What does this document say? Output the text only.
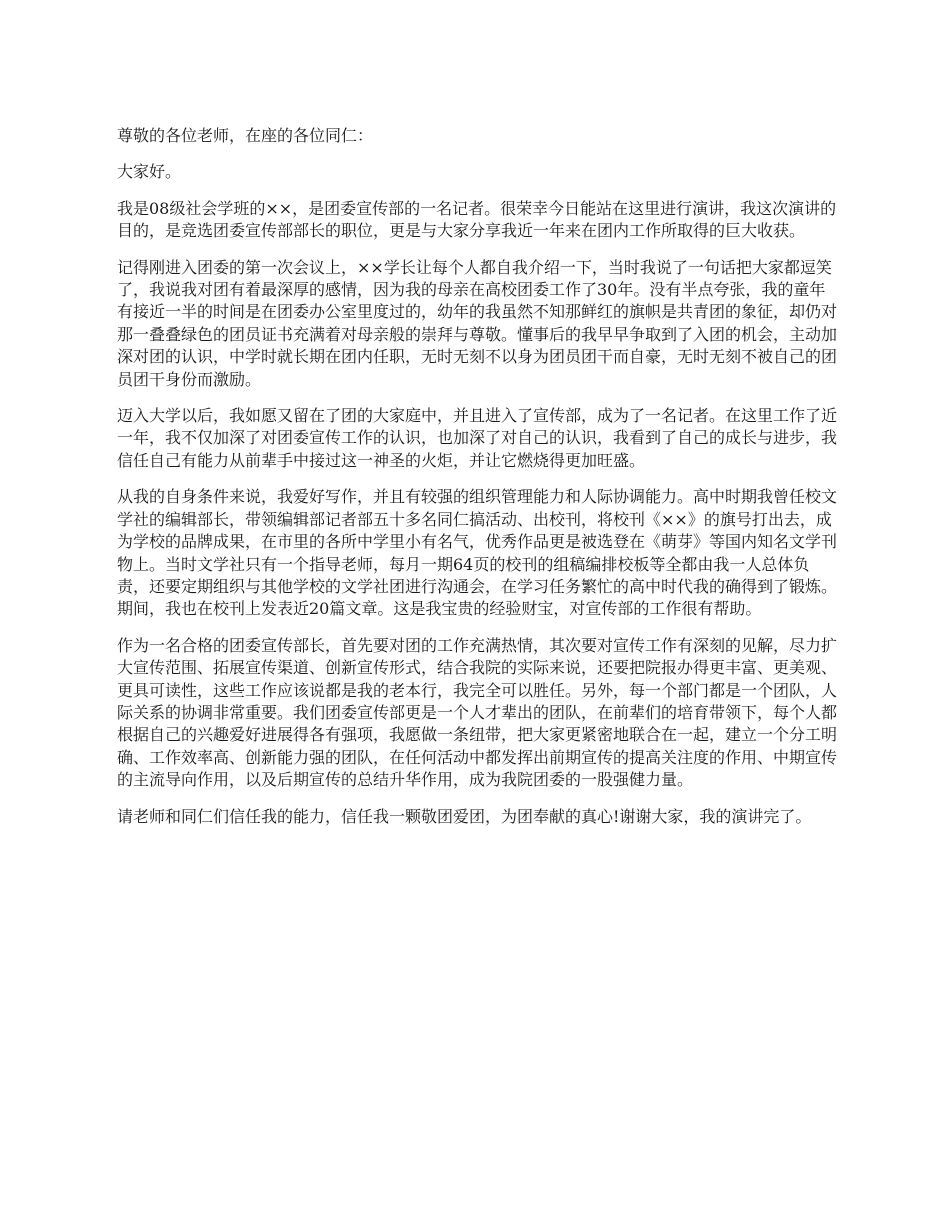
尊敬的各位老师，在座的各位同仁：

大家好。

我是08级社会学班的××，是团委宣传部的一名记者。很荣幸今日能站在这里进行演讲，我这次演讲的目的，是竞选团委宣传部部长的职位，更是与大家分享我近一年来在团内工作所取得的巨大收获。

记得刚进入团委的第一次会议上，××学长让每个人都自我介绍一下，当时我说了一句话把大家都逗笑了，我说我对团有着最深厚的感情，因为我的母亲在高校团委工作了30年。没有半点夸张，我的童年有接近一半的时间是在团委办公室里度过的，幼年的我虽然不知那鲜红的旗帜是共青团的象征，却仍对那一叠叠绿色的团员证书充满着对母亲般的崇拜与尊敬。懂事后的我早早争取到了入团的机会，主动加深对团的认识，中学时就长期在团内任职，无时无刻不以身为团员团干而自豪，无时无刻不被自己的团员团干身份而激励。

迈入大学以后，我如愿又留在了团的大家庭中，并且进入了宣传部，成为了一名记者。在这里工作了近一年，我不仅加深了对团委宣传工作的认识，也加深了对自己的认识，我看到了自己的成长与进步，我信任自己有能力从前辈手中接过这一神圣的火炬，并让它燃烧得更加旺盛。

从我的自身条件来说，我爱好写作，并且有较强的组织管理能力和人际协调能力。高中时期我曾任校文学社的编辑部长，带领编辑部记者部五十多名同仁搞活动、出校刊，将校刊《××》的旗号打出去，成为学校的品牌成果，在市里的各所中学里小有名气，优秀作品更是被选登在《萌芽》等国内知名文学刊物上。当时文学社只有一个指导老师，每月一期64页的校刊的组稿编排校板等全都由我一人总体负责，还要定期组织与其他学校的文学社团进行沟通会，在学习任务繁忙的高中时代我的确得到了锻炼。期间，我也在校刊上发表近20篇文章。这是我宝贵的经验财宝，对宣传部的工作很有帮助。

作为一名合格的团委宣传部长，首先要对团的工作充满热情，其次要对宣传工作有深刻的见解，尽力扩大宣传范围、拓展宣传渠道、创新宣传形式，结合我院的实际来说，还要把院报办得更丰富、更美观、更具可读性，这些工作应该说都是我的老本行，我完全可以胜任。另外，每一个部门都是一个团队，人际关系的协调非常重要。我们团委宣传部更是一个人才辈出的团队，在前辈们的培育带领下，每个人都根据自己的兴趣爱好进展得各有强项，我愿做一条纽带，把大家更紧密地联合在一起，建立一个分工明确、工作效率高、创新能力强的团队，在任何活动中都发挥出前期宣传的提高关注度的作用、中期宣传的主流导向作用，以及后期宣传的总结升华作用，成为我院团委的一股强健力量。

请老师和同仁们信任我的能力，信任我一颗敬团爱团，为团奉献的真心!谢谢大家，我的演讲完了。
